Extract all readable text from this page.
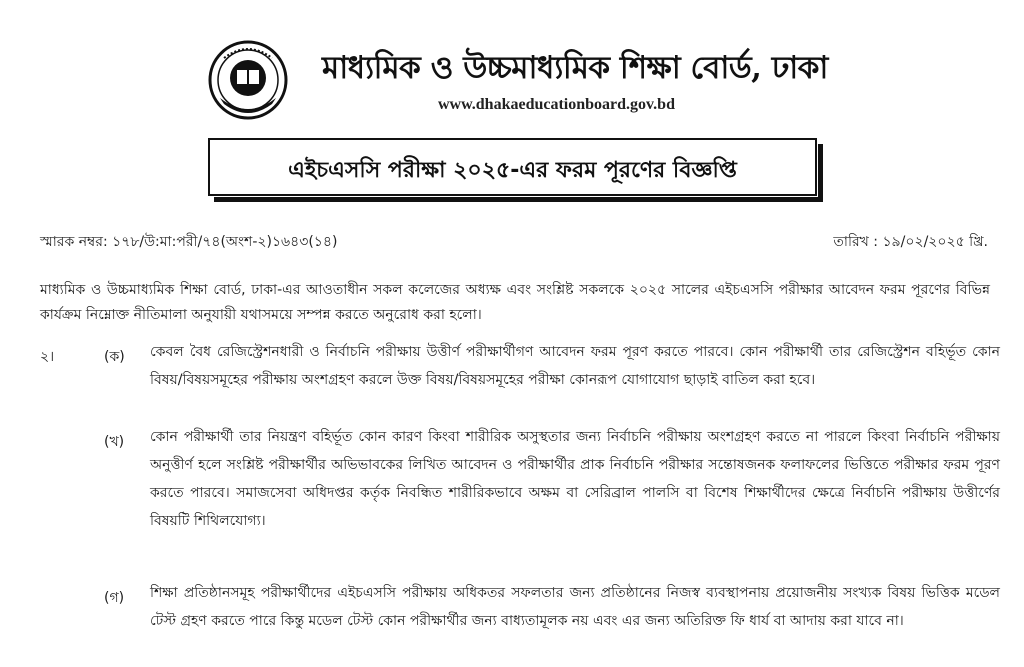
মাধ্যমিক ও উচ্চমাধ্যমিক শিক্ষা বোর্ড, ঢাকা
www.dhakaeducationboard.gov.bd
এইচএসসি পরীক্ষা ২০২৫-এর ফরম পূরণের বিজ্ঞপ্তি
স্মারক নম্বর: ১৭৮/উ:মা:পরী/৭৪(অংশ-২)১৬৪৩(১৪)	তারিখ : ১৯/০২/২০২৫ খ্রি.
মাধ্যমিক ও উচ্চমাধ্যমিক শিক্ষা বোর্ড, ঢাকা-এর আওতাধীন সকল কলেজের অধ্যক্ষ এবং সংশ্লিষ্ট সকলকে ২০২৫ সালের এইচএসসি পরীক্ষার আবেদন ফরম পূরণের বিভিন্ন কার্যক্রম নিম্নোক্ত নীতিমালা অনুযায়ী যথাসময়ে সম্পন্ন করতে অনুরোধ করা হলো।
২।	(ক) কেবল বৈধ রেজিস্ট্রেশনধারী ও নির্বাচনি পরীক্ষায় উত্তীর্ণ পরীক্ষার্থীগণ আবেদন ফরম পূরণ করতে পারবে। কোন পরীক্ষার্থী তার রেজিস্ট্রেশন বহির্ভূত কোন বিষয়/বিষয়সমূহের পরীক্ষায় অংশগ্রহণ করলে উক্ত বিষয়/বিষয়সমূহের পরীক্ষা কোনরূপ যোগাযোগ ছাড়াই বাতিল করা হবে।
(খ) কোন পরীক্ষার্থী তার নিয়ন্ত্রণ বহির্ভূত কোন কারণ কিংবা শারীরিক অসুস্থতার জন্য নির্বাচনি পরীক্ষায় অংশগ্রহণ করতে না পারলে কিংবা নির্বাচনি পরীক্ষায় অনুত্তীর্ণ হলে সংশ্লিষ্ট পরীক্ষার্থীর অভিভাবকের লিখিত আবেদন ও পরীক্ষার্থীর প্রাক নির্বাচনি পরীক্ষার সন্তোষজনক ফলাফলের ভিত্তিতে পরীক্ষার ফরম পূরণ করতে পারবে। সমাজসেবা অধিদপ্তর কর্তৃক নিবন্ধিত শারীরিকভাবে অক্ষম বা সেরিব্রাল পালসি বা বিশেষ শিক্ষার্থীদের ক্ষেত্রে নির্বাচনি পরীক্ষায় উত্তীর্ণের বিষয়টি শিথিলযোগ্য।
(গ) শিক্ষা প্রতিষ্ঠানসমূহ পরীক্ষার্থীদের এইচএসসি পরীক্ষায় অধিকতর সফলতার জন্য প্রতিষ্ঠানের নিজস্ব ব্যবস্থাপনায় প্রয়োজনীয় সংখ্যক বিষয় ভিত্তিক মডেল টেস্ট গ্রহণ করতে পারে কিন্তু মডেল টেস্ট কোন পরীক্ষার্থীর জন্য বাধ্যতামূলক নয় এবং এর জন্য অতিরিক্ত ফি ধার্য বা আদায় করা যাবে না।
